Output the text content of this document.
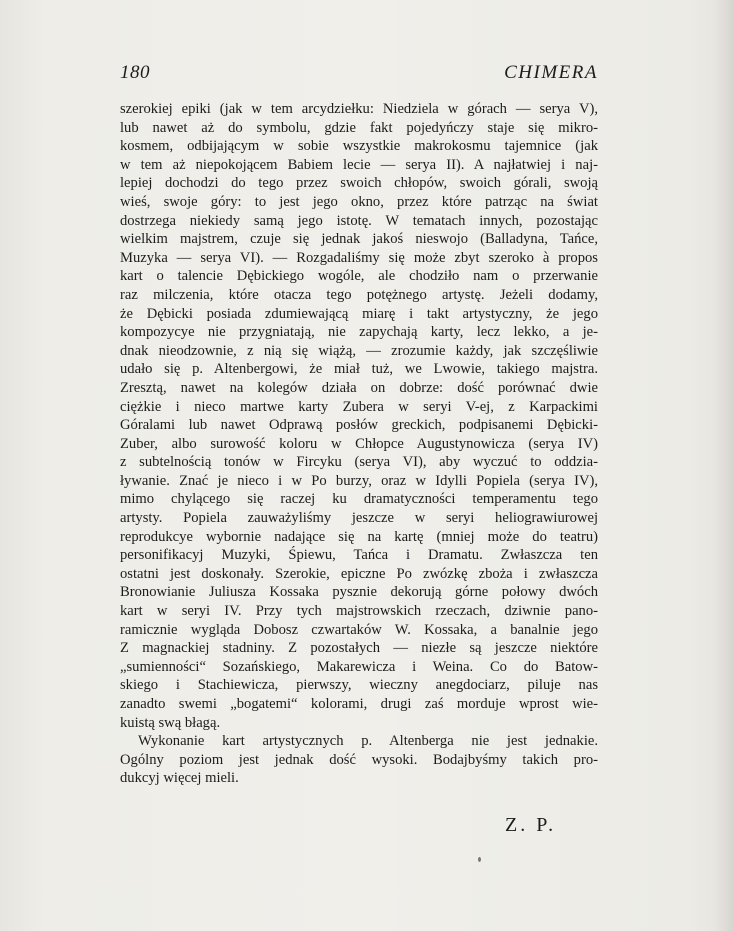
180	CHIMERA
szerokiej epiki (jak w tem arcydziełku: Niedziela w górach — serya V),
lub nawet aż do symbolu, gdzie fakt pojedyńczy staje się mikro-
kosmem, odbijającym w sobie wszystkie makrokosmu tajemnice (jak
w tem aż niepokojącem Babiem lecie — serya II). A najłatwiej i naj-
lepiej dochodzi do tego przez swoich chłopów, swoich górali, swoją
wieś, swoje góry: to jest jego okno, przez które patrząc na świat
dostrzega niekiedy samą jego istotę. W tematach innych, pozostając
wielkim majstrem, czuje się jednak jakoś nieswojo (Balladyna, Tańce,
Muzyka — serya VI). — Rozgadaliśmy się może zbyt szeroko à propos
kart o talencie Dębickiego wogóle, ale chodziło nam o przerwanie
raz milczenia, które otacza tego potężnego artystę. Jeżeli dodamy,
że Dębicki posiada zdumiewającą miarę i takt artystyczny, że jego
kompozycye nie przygniatają, nie zapychają karty, lecz lekko, a je-
dnak nieodzownie, z nią się wiążą, — zrozumie każdy, jak szczęśliwie
udało się p. Altenbergowi, że miał tuż, we Lwowie, takiego majstra.
Zresztą, nawet na kolegów działa on dobrze: dość porównać dwie
ciężkie i nieco martwe karty Zubera w seryi V-ej, z Karpackimi
Góralami lub nawet Odprawą posłów greckich, podpisanemi Dębicki-
Zuber, albo surowość koloru w Chłopce Augustynowicza (serya IV)
z subtelnością tonów w Fircyku (serya VI), aby wyczuć to oddzia-
ływanie. Znać je nieco i w Po burzy, oraz w Idylli Popiela (serya IV),
mimo chylącego się raczej ku dramatyczności temperamentu tego
artysty. Popiela zauważyliśmy jeszcze w seryi heliograwiurowej
reprodukcye wybornie nadające się na kartę (mniej może do teatru)
personifikacyj Muzyki, Śpiewu, Tańca i Dramatu. Zwłaszcza ten
ostatni jest doskonały. Szerokie, epiczne Po zwózkę zboża i zwłaszcza
Bronowianie Juliusza Kossaka pysznie dekorują górne połowy dwóch
kart w seryi IV. Przy tych majstrowskich rzeczach, dziwnie pano-
ramicznie wygląda Dobosz czwartaków W. Kossaka, a banalnie jego
Z magnackiej stadniny. Z pozostałych — niezłe są jeszcze niektóre
„sumienności“ Sozańskiego, Makarewicza i Weina. Co do Batow-
skiego i Stachiewicza, pierwszy, wieczny anegdociarz, piluje nas
zanadto swemi „bogatemi“ kolorami, drugi zaś morduje wprost wie-
kuistą swą błagą.
Wykonanie kart artystycznych p. Altenberga nie jest jednakie.
Ogólny poziom jest jednak dość wysoki. Bodajbyśmy takich pro-
dukcyj więcej mieli.
Z. P.
